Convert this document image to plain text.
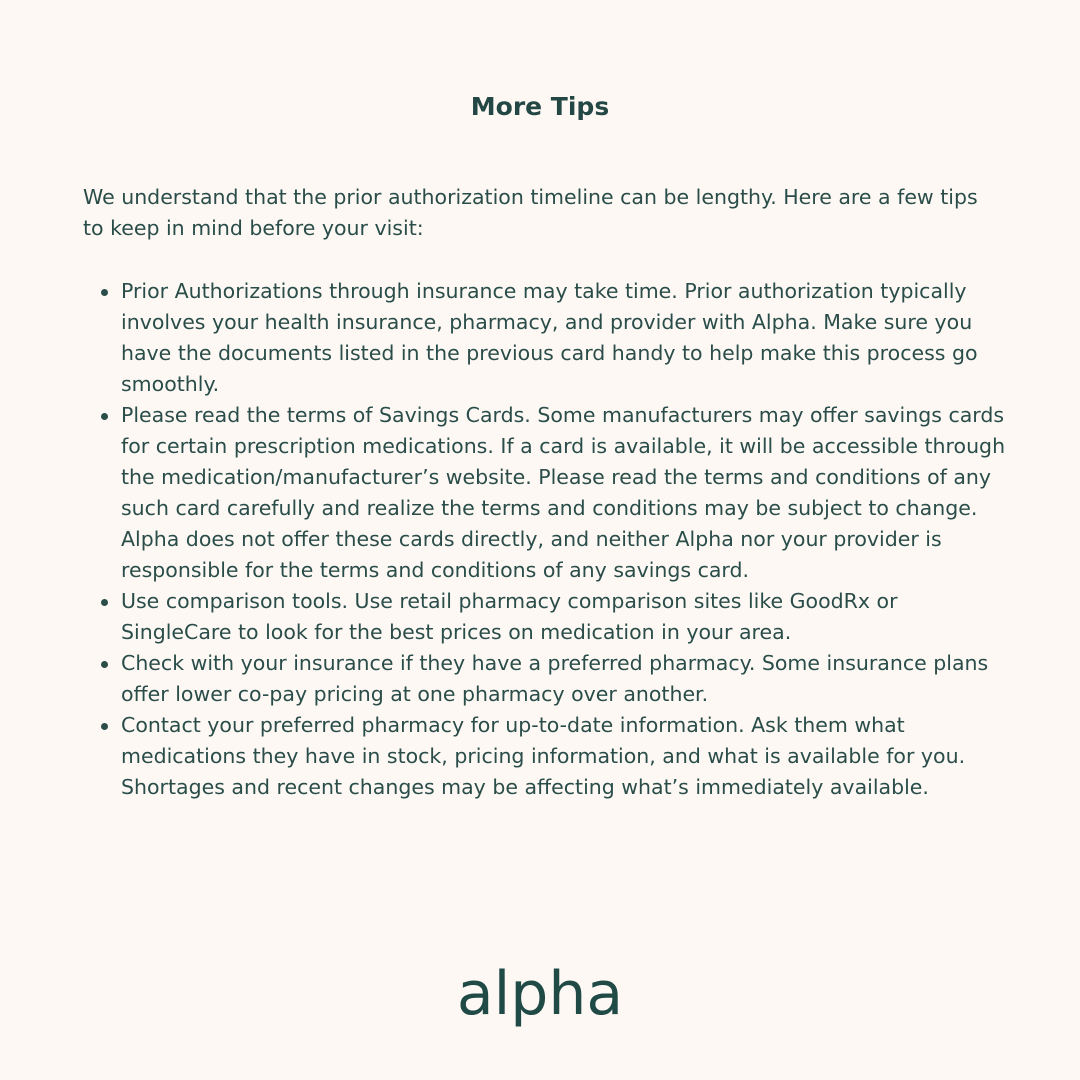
More Tips

We understand that the prior authorization timeline can be lengthy. Here are a few tips to keep in mind before your visit:

Prior Authorizations through insurance may take time. Prior authorization typically involves your health insurance, pharmacy, and provider with Alpha. Make sure you have the documents listed in the previous card handy to help make this process go smoothly.
Please read the terms of Savings Cards. Some manufacturers may offer savings cards for certain prescription medications. If a card is available, it will be accessible through the medication/manufacturer’s website. Please read the terms and conditions of any such card carefully and realize the terms and conditions may be subject to change. Alpha does not offer these cards directly, and neither Alpha nor your provider is responsible for the terms and conditions of any savings card.
Use comparison tools. Use retail pharmacy comparison sites like GoodRx or SingleCare to look for the best prices on medication in your area.
Check with your insurance if they have a preferred pharmacy. Some insurance plans offer lower co-pay pricing at one pharmacy over another.
Contact your preferred pharmacy for up-to-date information. Ask them what medications they have in stock, pricing information, and what is available for you. Shortages and recent changes may be affecting what’s immediately available.
alpha
